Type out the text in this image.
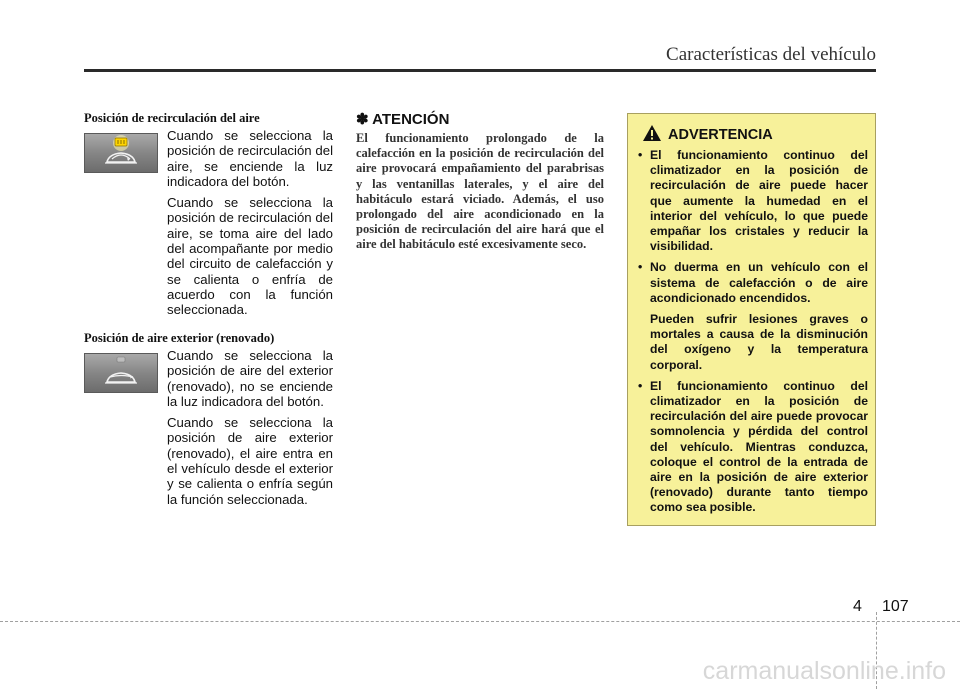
Características del vehículo
Posición de recirculación del aire

Cuando se selecciona la posición de recirculación del aire, se enciende la luz indicadora del botón.

Cuando se selecciona la posición de recirculación del aire, se toma aire del lado del acompañante por medio del circuito de calefacción y se calienta o enfría de acuerdo con la función seleccionada.

Posición de aire exterior (renovado)

Cuando se selecciona la posición de aire del exterior (renovado), no se enciende la luz indicadora del botón.

Cuando se selecciona la posición de aire exterior (renovado), el aire entra en el vehículo desde el exterior y se calienta o enfría según la función seleccionada.

✽ ATENCIÓN
El funcionamiento prolongado de la calefacción en la posición de recirculación del aire provocará empañamiento del parabrisas y las ventanillas laterales, y el aire del habitáculo estará viciado. Además, el uso prolongado del aire acondicionado en la posición de recirculación del aire hará que el aire del habitáculo esté excesivamente seco.
ADVERTENCIA

• El funcionamiento continuo del climatizador en la posición de recirculación de aire puede hacer que aumente la humedad en el interior del vehículo, lo que puede empañar los cristales y reducir la visibilidad.

• No duerma en un vehículo con el sistema de calefacción o de aire acondicionado encendidos.

Pueden sufrir lesiones graves o mortales a causa de la disminución del oxígeno y la temperatura corporal.

• El funcionamiento continuo del climatizador en la posición de recirculación del aire puede provocar somnolencia y pérdida del control del vehículo. Mientras conduzca, coloque el control de la entrada de aire en la posición de aire exterior (renovado) durante tanto tiempo como sea posible.

4 107
carmanualsonline.info
